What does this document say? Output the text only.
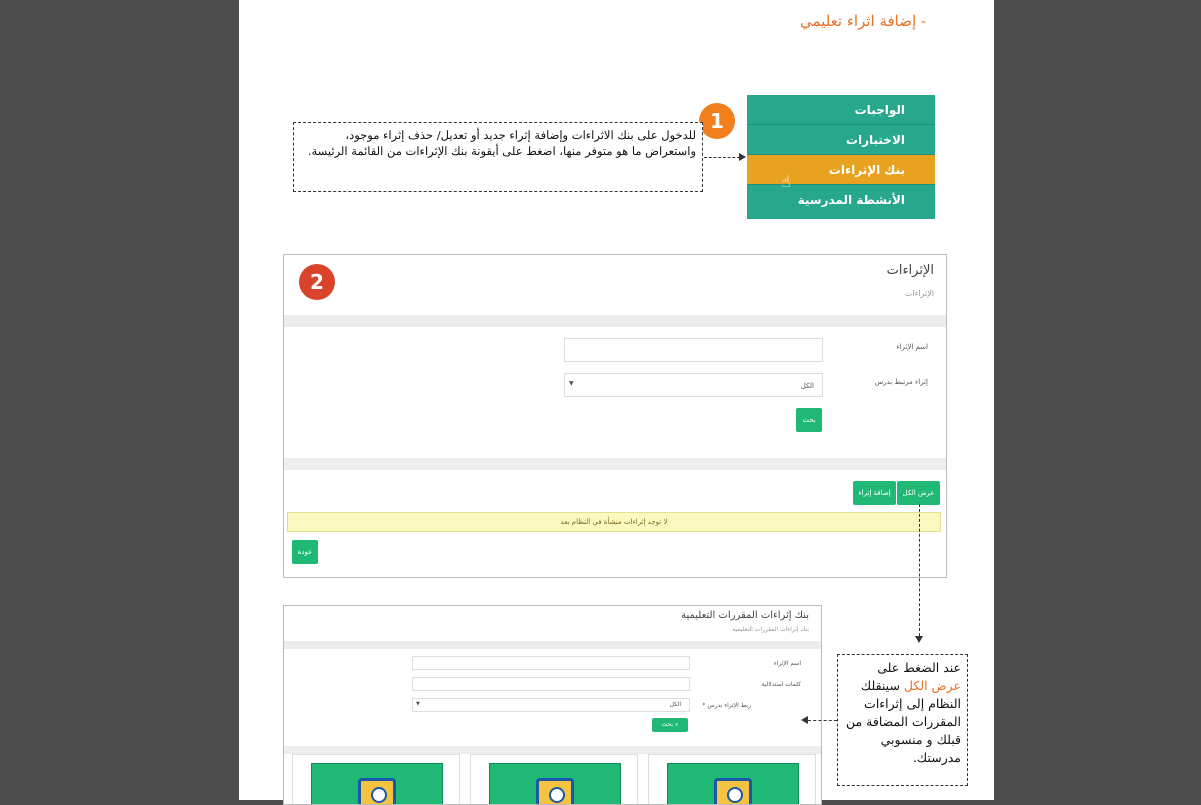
- إضافة اثراء تعليمي
الواجبات
الاختبارات
بنك الإثراءات
☝
الأنشطة المدرسية
1
للدخول على بنك الاثراءات وإضافة إثراء جديد أو تعديل/ حذف إثراء موجود، واستعراض ما هو متوفر منها، اضغط على أيقونة بنك الإثراءات من القائمة الرئيسة.
الإثراءات
الإثراءات
اسم الإثراء
إثراء مرتبط بدرس
▼	الكل
بحث
عرض الكل
إضافة إثراء
لا توجد إثراءات منشأة في النظام بعد
عودة
2
بنك إثراءات المقررات التعليمية
بنك إثراءات المقررات التعليمية
اسم الإثراء
كلمات استدلالية
ربط الإثراء بدرس *
▼	الكل
⌕ بحث
عند الضغط على عرض الكل سينقلك النظام إلى إثراءات المقررات المضافة من قبلك و منسوبي مدرستك.
